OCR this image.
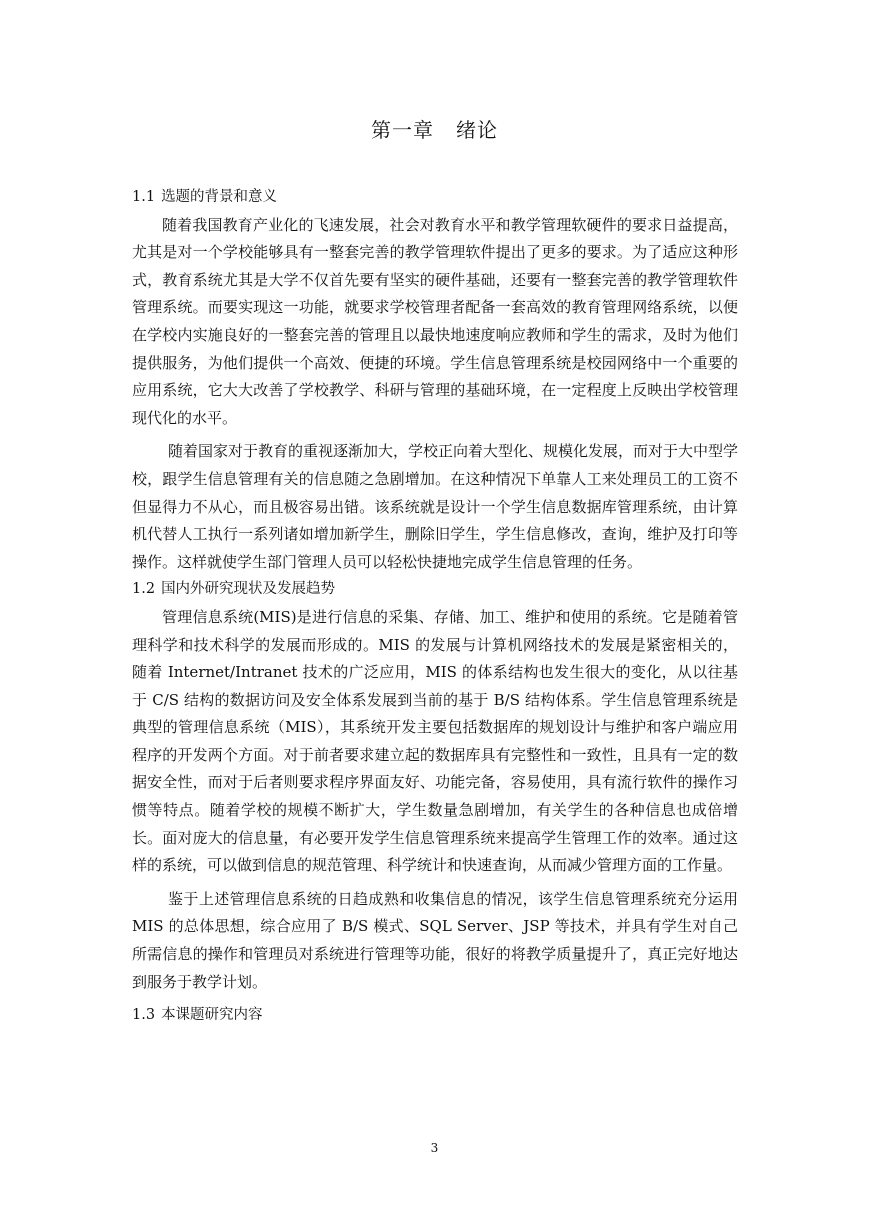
第一章 绪论
1.1 选题的背景和意义

随着我国教育产业化的飞速发展，社会对教育水平和教学管理软硬件的要求日益提高，尤其是对一个学校能够具有一整套完善的教学管理软件提出了更多的要求。为了适应这种形式，教育系统尤其是大学不仅首先要有坚实的硬件基础，还要有一整套完善的教学管理软件管理系统。而要实现这一功能，就要求学校管理者配备一套高效的教育管理网络系统，以便在学校内实施良好的一整套完善的管理且以最快地速度响应教师和学生的需求，及时为他们提供服务，为他们提供一个高效、便捷的环境。学生信息管理系统是校园网络中一个重要的应用系统，它大大改善了学校教学、科研与管理的基础环境，在一定程度上反映出学校管理现代化的水平。

随着国家对于教育的重视逐渐加大，学校正向着大型化、规模化发展，而对于大中型学校，跟学生信息管理有关的信息随之急剧增加。在这种情况下单靠人工来处理员工的工资不但显得力不从心，而且极容易出错。该系统就是设计一个学生信息数据库管理系统，由计算机代替人工执行一系列诸如增加新学生，删除旧学生，学生信息修改，查询，维护及打印等操作。这样就使学生部门管理人员可以轻松快捷地完成学生信息管理的任务。

1.2 国内外研究现状及发展趋势

管理信息系统(MIS)是进行信息的采集、存储、加工、维护和使用的系统。它是随着管理科学和技术科学的发展而形成的。MIS 的发展与计算机网络技术的发展是紧密相关的，随着 Internet/Intranet 技术的广泛应用，MIS 的体系结构也发生很大的变化，从以往基于 C/S 结构的数据访问及安全体系发展到当前的基于 B/S 结构体系。学生信息管理系统是典型的管理信息系统（MIS），其系统开发主要包括数据库的规划设计与维护和客户端应用程序的开发两个方面。对于前者要求建立起的数据库具有完整性和一致性，且具有一定的数据安全性，而对于后者则要求程序界面友好、功能完备，容易使用，具有流行软件的操作习惯等特点。随着学校的规模不断扩大，学生数量急剧增加，有关学生的各种信息也成倍增长。面对庞大的信息量，有必要开发学生信息管理系统来提高学生管理工作的效率。通过这样的系统，可以做到信息的规范管理、科学统计和快速查询，从而减少管理方面的工作量。

鉴于上述管理信息系统的日趋成熟和收集信息的情况，该学生信息管理系统充分运用 MIS 的总体思想，综合应用了 B/S 模式、SQL Server、JSP 等技术，并具有学生对自己所需信息的操作和管理员对系统进行管理等功能，很好的将教学质量提升了，真正完好地达到服务于教学计划。

1.3 本课题研究内容
3
